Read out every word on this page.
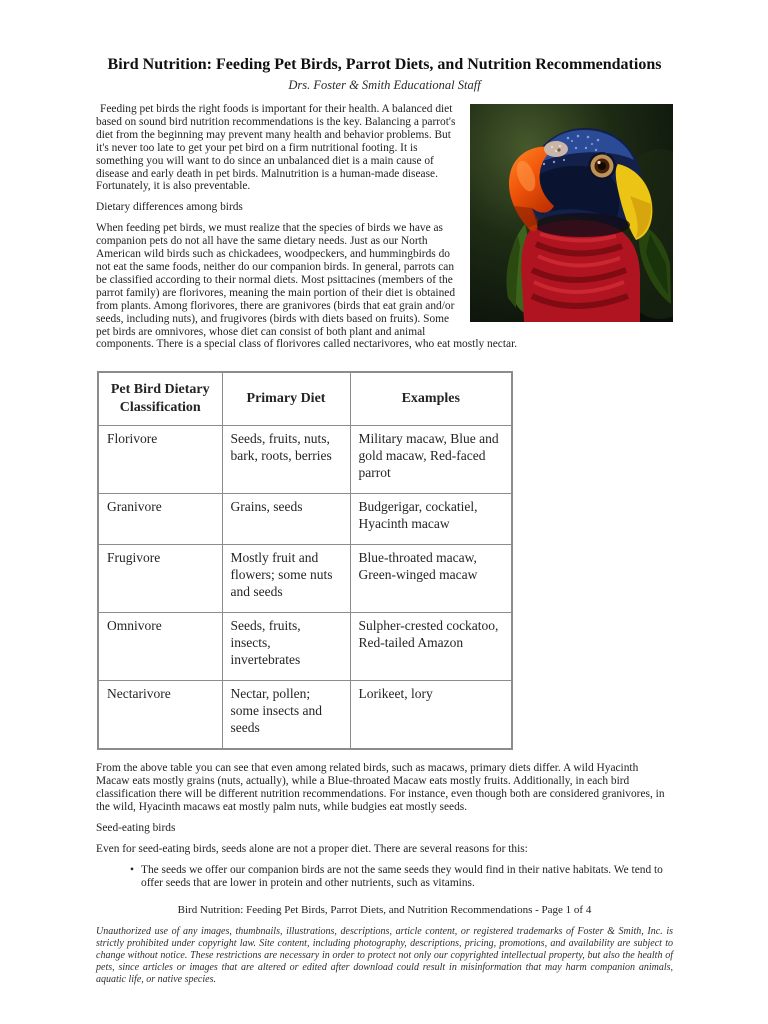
Bird Nutrition: Feeding Pet Birds, Parrot Diets, and Nutrition Recommendations
Drs. Foster & Smith Educational Staff

Feeding pet birds the right foods is important for their health. A balanced diet based on sound bird nutrition recommendations is the key. Balancing a parrot's diet from the beginning may prevent many health and behavior problems. But it's never too late to get your pet bird on a firm nutritional footing. It is something you will want to do since an unbalanced diet is a main cause of disease and early death in pet birds. Malnutrition is a human-made disease. Fortunately, it is also preventable.

Dietary differences among birds

When feeding pet birds, we must realize that the species of birds we have as companion pets do not all have the same dietary needs. Just as our North American wild birds such as chickadees, woodpeckers, and hummingbirds do not eat the same foods, neither do our companion birds. In general, parrots can be classified according to their normal diets. Most psittacines (members of the parrot family) are florivores, meaning the main portion of their diet is obtained from plants. Among florivores, there are granivores (birds that eat grain and/or seeds, including nuts), and frugivores (birds with diets based on fruits). Some pet birds are omnivores, whose diet can consist of both plant and animal components. There is a special class of florivores called nectarivores, who eat mostly nectar.

Pet Bird Dietary Classification	Primary Diet	Examples
Florivore	Seeds, fruits, nuts, bark, roots, berries	Military macaw, Blue and gold macaw, Red-faced parrot
Granivore	Grains, seeds	Budgerigar, cockatiel, Hyacinth macaw
Frugivore	Mostly fruit and flowers; some nuts and seeds	Blue-throated macaw, Green-winged macaw
Omnivore	Seeds, fruits, insects, invertebrates	Sulpher-crested cockatoo, Red-tailed Amazon
Nectarivore	Nectar, pollen; some insects and seeds	Lorikeet, lory

From the above table you can see that even among related birds, such as macaws, primary diets differ. A wild Hyacinth Macaw eats mostly grains (nuts, actually), while a Blue-throated Macaw eats mostly fruits. Additionally, in each bird classification there will be different nutrition recommendations. For instance, even though both are considered granivores, in the wild, Hyacinth macaws eat mostly palm nuts, while budgies eat mostly seeds.

Seed-eating birds

Even for seed-eating birds, seeds alone are not a proper diet. There are several reasons for this:

• The seeds we offer our companion birds are not the same seeds they would find in their native habitats. We tend to offer seeds that are lower in protein and other nutrients, such as vitamins.
Bird Nutrition: Feeding Pet Birds, Parrot Diets, and Nutrition Recommendations - Page 1 of 4

Unauthorized use of any images, thumbnails, illustrations, descriptions, article content, or registered trademarks of Foster & Smith, Inc. is strictly prohibited under copyright law. Site content, including photography, descriptions, pricing, promotions, and availability are subject to change without notice. These restrictions are necessary in order to protect not only our copyrighted intellectual property, but also the health of pets, since articles or images that are altered or edited after download could result in misinformation that may harm companion animals, aquatic life, or native species.
